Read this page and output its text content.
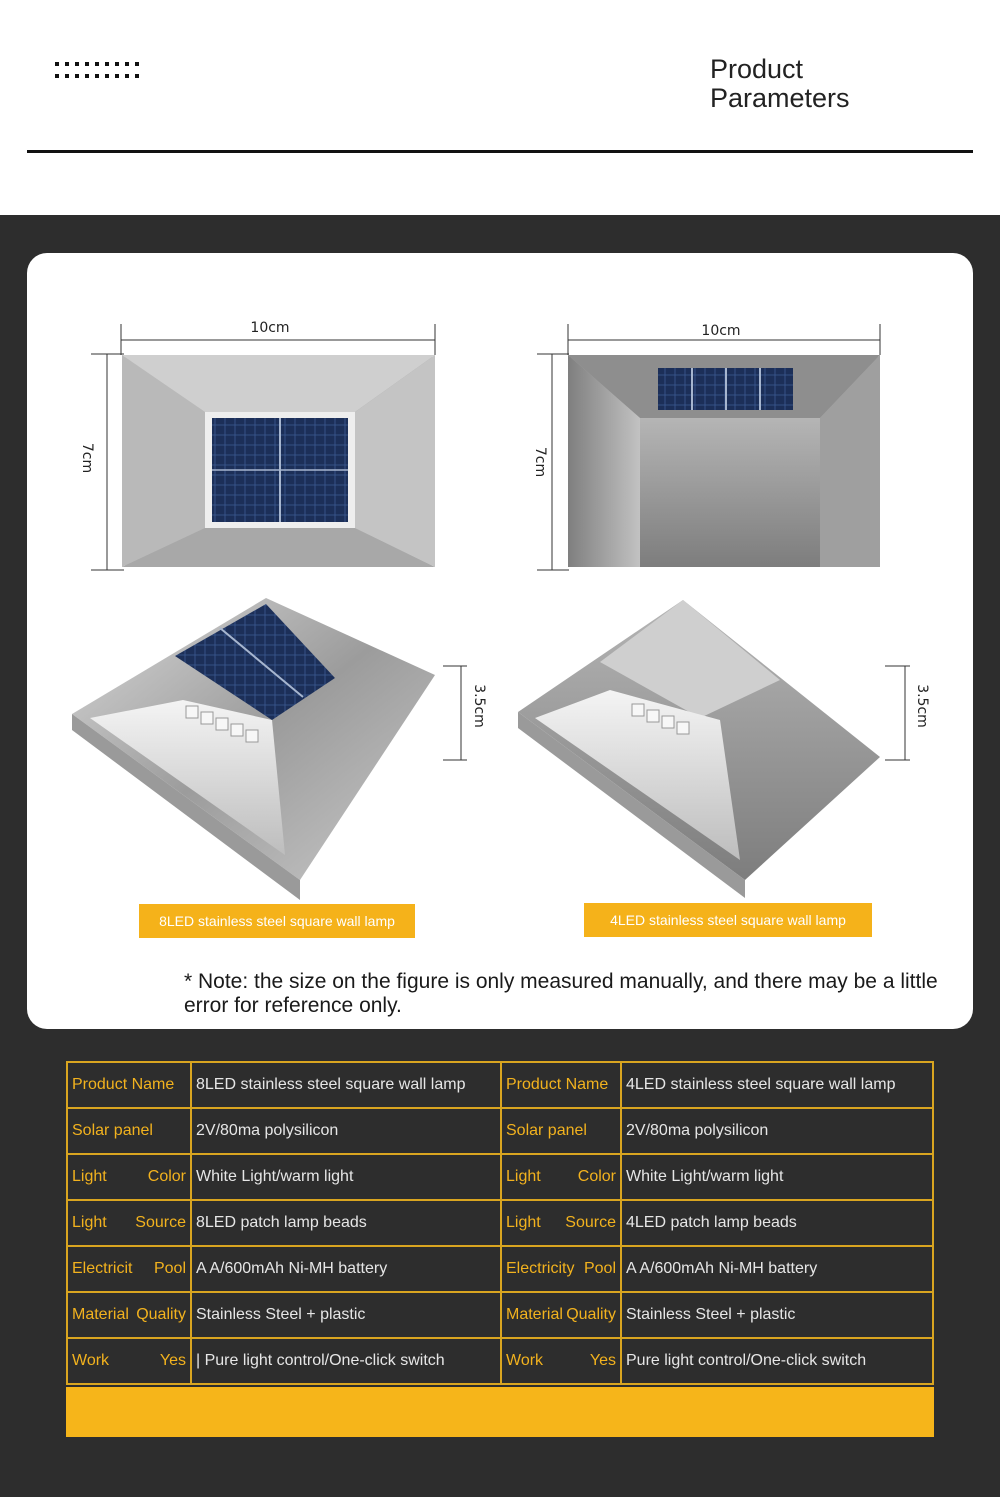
Product
Parameters
10cm
7cm
10cm
7cm
3.5cm	3.5cm
8LED stainless steel square wall lamp	4LED stainless steel square wall lamp
* Note: the size on the figure is only measured manually, and there may be a little error for reference only.
Product Name	8LED stainless steel square wall lamp	Product Name	4LED stainless steel square wall lamp
Solar panel	2V/80ma polysilicon	Solar panel	2V/80ma polysilicon

Light Color	White Light/warm light	Light Color	White Light/warm light

Light Source	8LED patch lamp beads	Light Source	4LED patch lamp beads

Electricit Pool	A A/600mAh Ni-MH battery	Electricity Pool	A A/600mAh Ni-MH battery

Material Quality	Stainless Steel + plastic	Material Quality	Stainless Steel + plastic

Work Yes	| Pure light control/One-click switch	Work Yes	Pure light control/One-click switch
